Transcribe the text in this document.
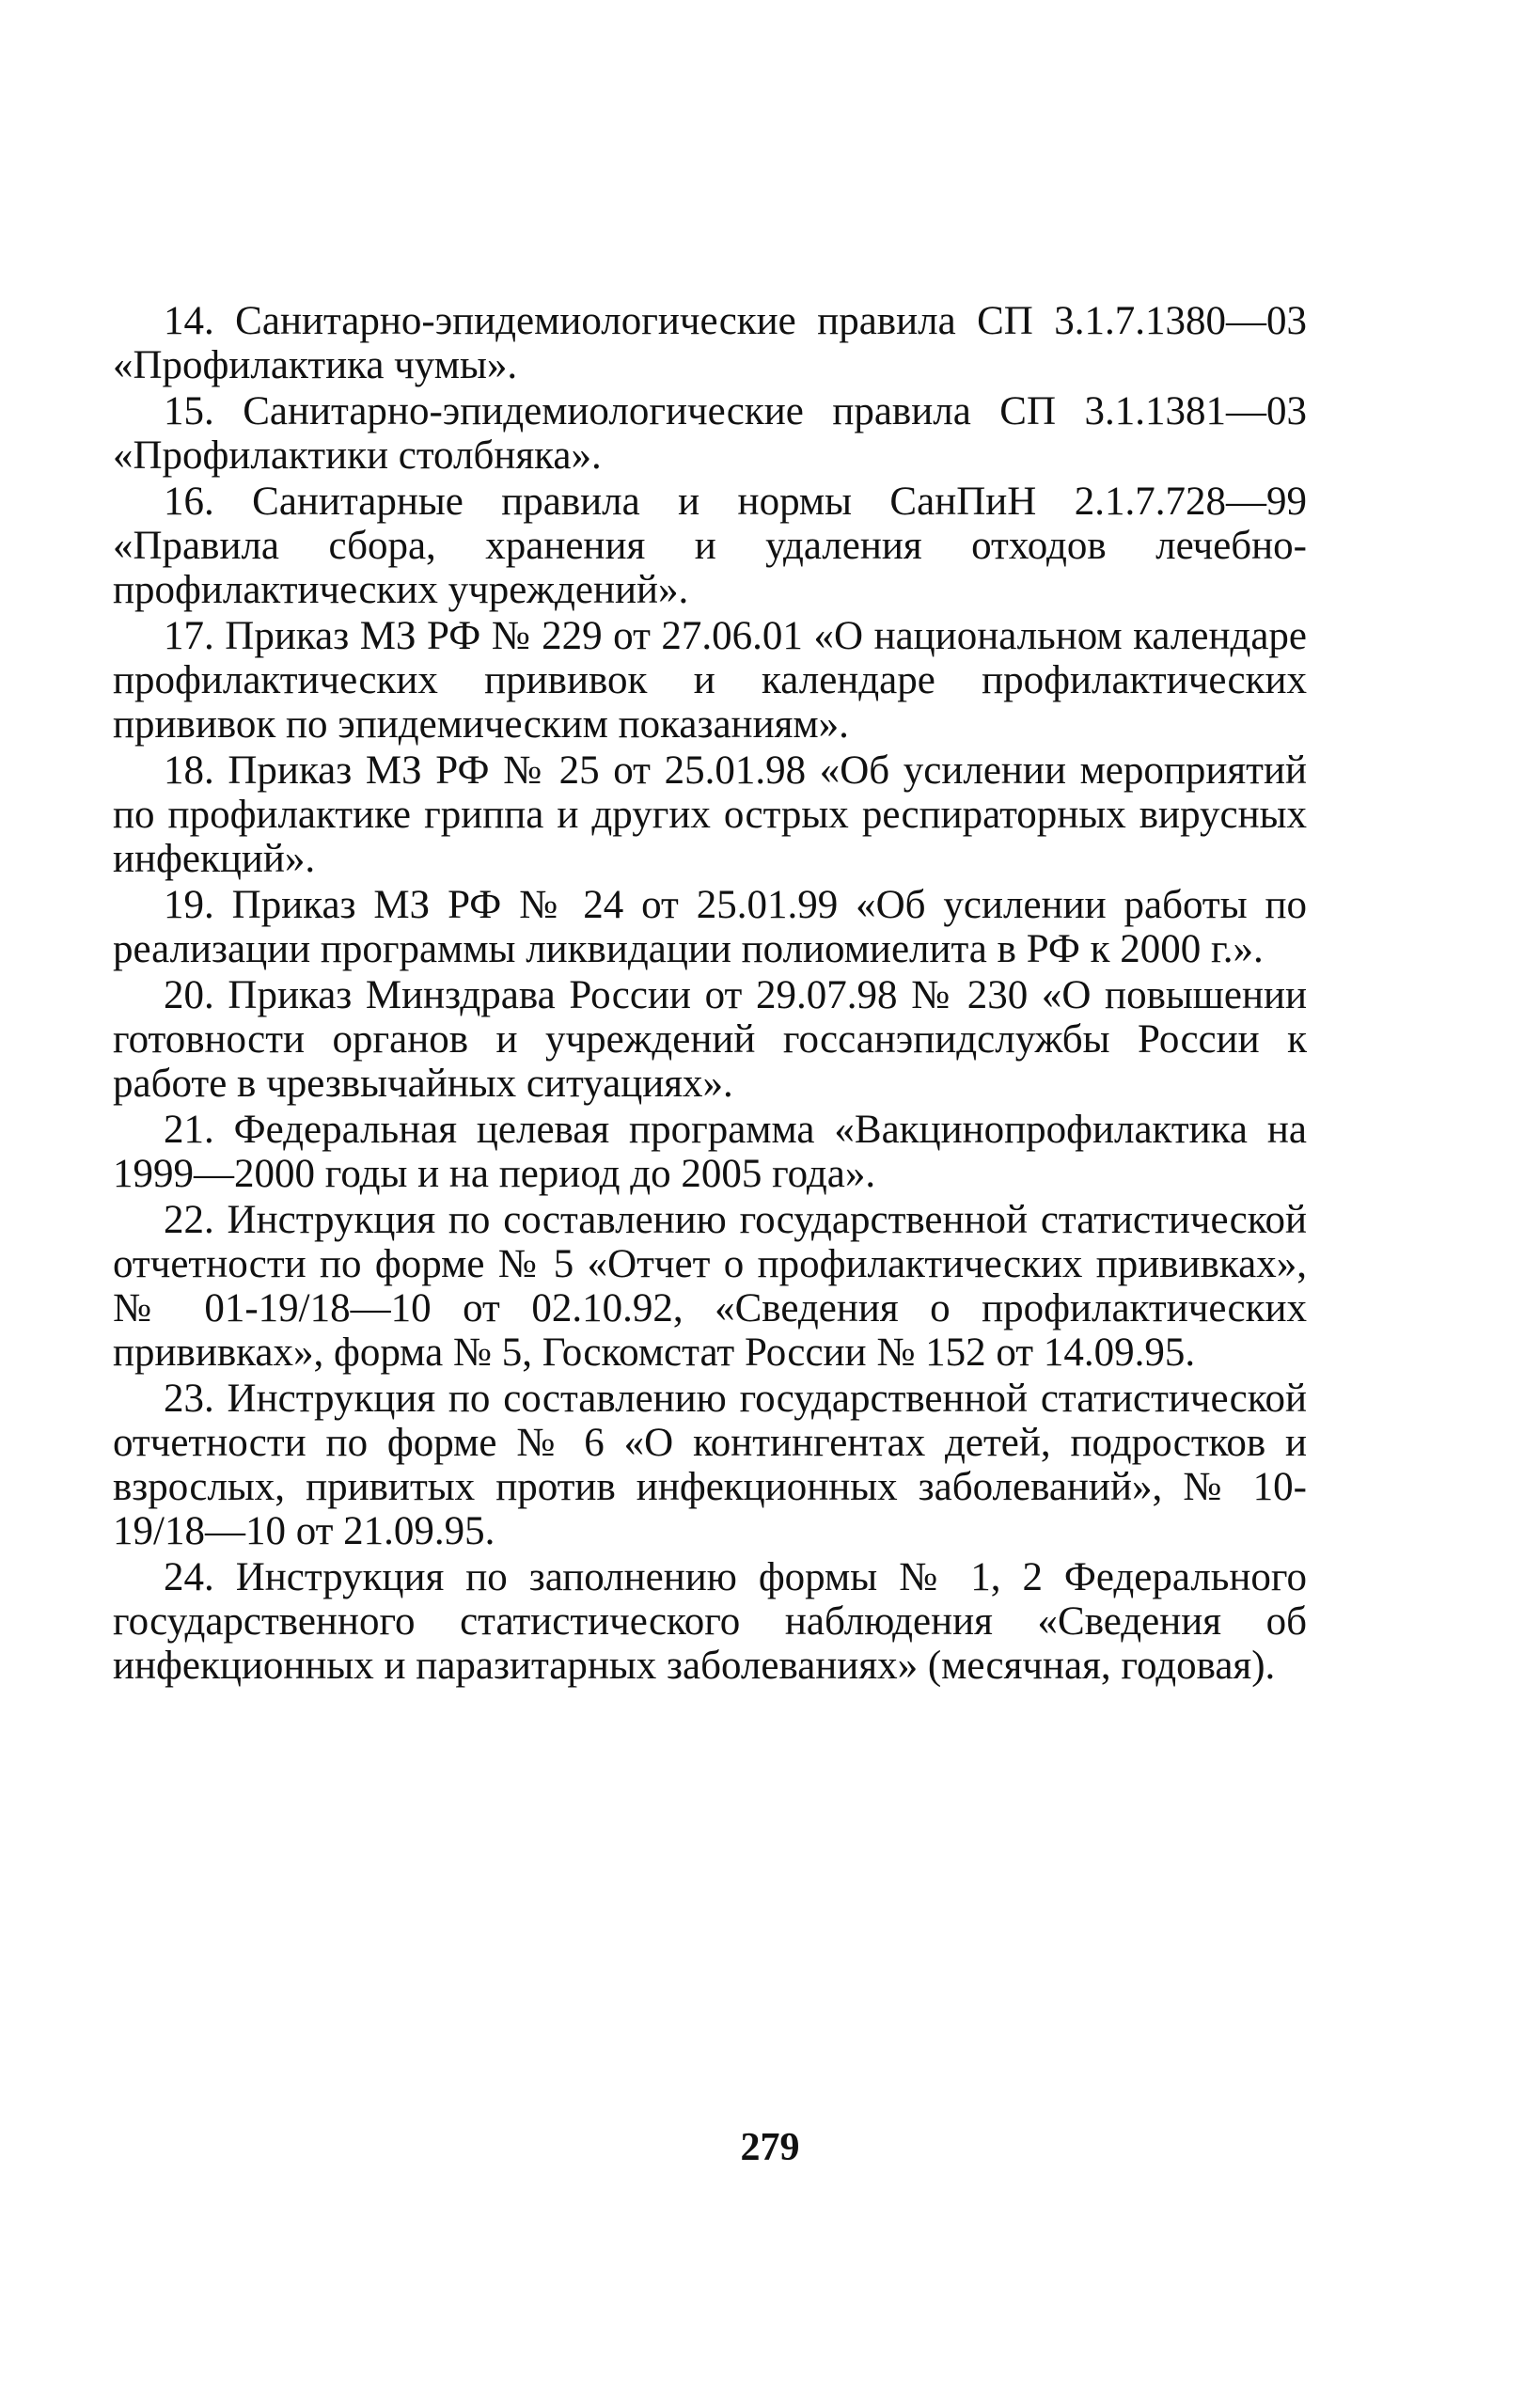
14. Санитарно-эпидемиологические правила СП 3.1.7.1380—03 «Профилактика чумы».

15. Санитарно-эпидемиологические правила СП 3.1.1381—03 «Профилактики столбняка».

16. Санитарные правила и нормы СанПиН 2.1.7.728—99 «Правила сбора, хранения и удаления отходов лечебно-профилактических учреждений».

17. Приказ МЗ РФ № 229 от 27.06.01 «О национальном календаре профилактических прививок и календаре профилактических прививок по эпидемическим показаниям».

18. Приказ МЗ РФ № 25 от 25.01.98 «Об усилении мероприятий по профилактике гриппа и других острых респираторных вирусных инфекций».

19. Приказ МЗ РФ № 24 от 25.01.99 «Об усилении работы по реализации программы ликвидации полиомиелита в РФ к 2000 г.».

20. Приказ Минздрава России от 29.07.98 № 230 «О повышении готовности органов и учреждений госсанэпидслужбы России к работе в чрезвычайных ситуациях».

21. Федеральная целевая программа «Вакцинопрофилактика на 1999—2000 годы и на период до 2005 года».

22. Инструкция по составлению государственной статистической отчетности по форме № 5 «Отчет о профилактических прививках», № 01-19/18—10 от 02.10.92, «Сведения о профилактических прививках», форма № 5, Госкомстат России № 152 от 14.09.95.

23. Инструкция по составлению государственной статистической отчетности по форме № 6 «О контингентах детей, подростков и взрослых, привитых против инфекционных заболеваний», № 10-19/18—10 от 21.09.95.

24. Инструкция по заполнению формы № 1, 2 Федерального государственного статистического наблюдения «Сведения об инфекционных и паразитарных заболеваниях» (месячная, годовая).

279
